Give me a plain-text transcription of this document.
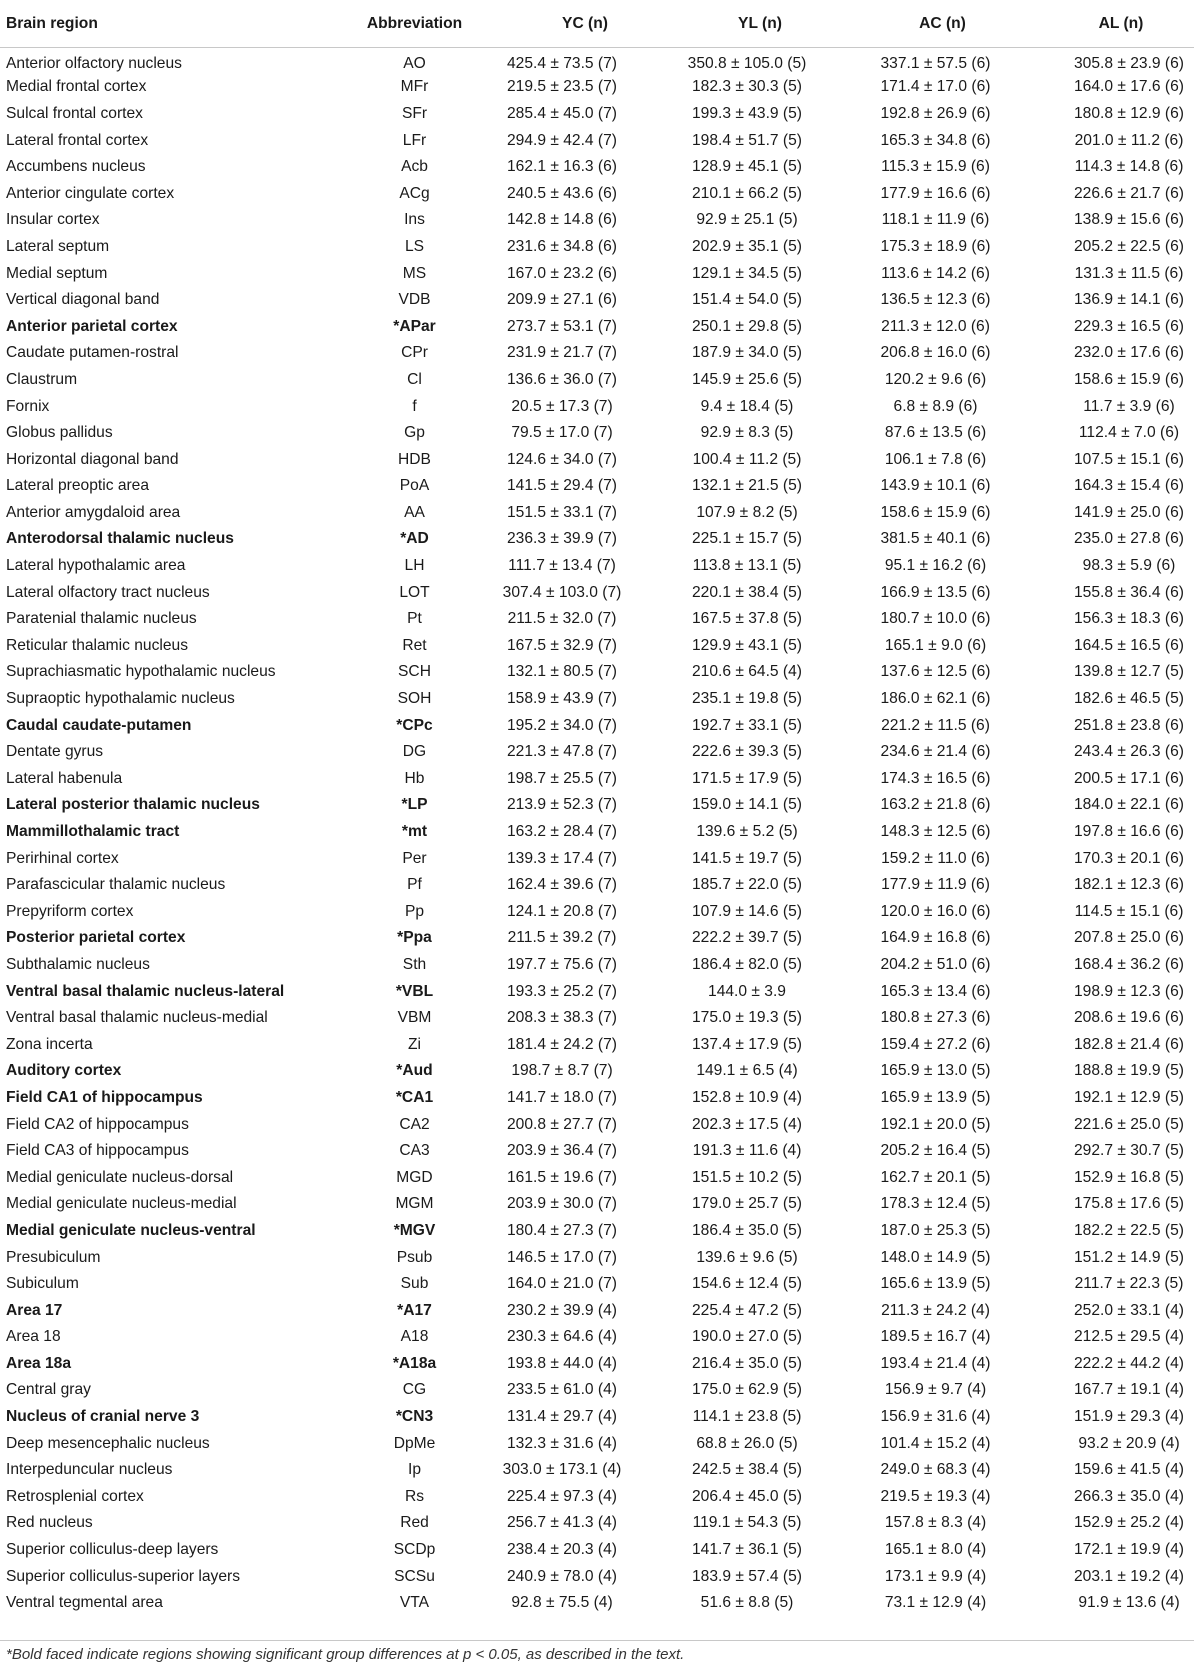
Brain region	Abbreviation	YC (n)	YL (n)	AC (n)	AL (n)
Anterior olfactory nucleus	AO	425.4 ± 73.5 (7)	350.8 ± 105.0 (5)	337.1 ± 57.5 (6)	305.8 ± 23.9 (6)
Medial frontal cortex	MFr	219.5 ± 23.5 (7)	182.3 ± 30.3 (5)	171.4 ± 17.0 (6)	164.0 ± 17.6 (6)
Sulcal frontal cortex	SFr	285.4 ± 45.0 (7)	199.3 ± 43.9 (5)	192.8 ± 26.9 (6)	180.8 ± 12.9 (6)
Lateral frontal cortex	LFr	294.9 ± 42.4 (7)	198.4 ± 51.7 (5)	165.3 ± 34.8 (6)	201.0 ± 11.2 (6)
Accumbens nucleus	Acb	162.1 ± 16.3 (6)	128.9 ± 45.1 (5)	115.3 ± 15.9 (6)	114.3 ± 14.8 (6)
Anterior cingulate cortex	ACg	240.5 ± 43.6 (6)	210.1 ± 66.2 (5)	177.9 ± 16.6 (6)	226.6 ± 21.7 (6)
Insular cortex	Ins	142.8 ± 14.8 (6)	92.9 ± 25.1 (5)	118.1 ± 11.9 (6)	138.9 ± 15.6 (6)
Lateral septum	LS	231.6 ± 34.8 (6)	202.9 ± 35.1 (5)	175.3 ± 18.9 (6)	205.2 ± 22.5 (6)
Medial septum	MS	167.0 ± 23.2 (6)	129.1 ± 34.5 (5)	113.6 ± 14.2 (6)	131.3 ± 11.5 (6)
Vertical diagonal band	VDB	209.9 ± 27.1 (6)	151.4 ± 54.0 (5)	136.5 ± 12.3 (6)	136.9 ± 14.1 (6)
Anterior parietal cortex	*APar	273.7 ± 53.1 (7)	250.1 ± 29.8 (5)	211.3 ± 12.0 (6)	229.3 ± 16.5 (6)
Caudate putamen-rostral	CPr	231.9 ± 21.7 (7)	187.9 ± 34.0 (5)	206.8 ± 16.0 (6)	232.0 ± 17.6 (6)
Claustrum	Cl	136.6 ± 36.0 (7)	145.9 ± 25.6 (5)	120.2 ± 9.6 (6)	158.6 ± 15.9 (6)
Fornix	f	20.5 ± 17.3 (7)	9.4 ± 18.4 (5)	6.8 ± 8.9 (6)	11.7 ± 3.9 (6)
Globus pallidus	Gp	79.5 ± 17.0 (7)	92.9 ± 8.3 (5)	87.6 ± 13.5 (6)	112.4 ± 7.0 (6)
Horizontal diagonal band	HDB	124.6 ± 34.0 (7)	100.4 ± 11.2 (5)	106.1 ± 7.8 (6)	107.5 ± 15.1 (6)
Lateral preoptic area	PoA	141.5 ± 29.4 (7)	132.1 ± 21.5 (5)	143.9 ± 10.1 (6)	164.3 ± 15.4 (6)
Anterior amygdaloid area	AA	151.5 ± 33.1 (7)	107.9 ± 8.2 (5)	158.6 ± 15.9 (6)	141.9 ± 25.0 (6)
Anterodorsal thalamic nucleus	*AD	236.3 ± 39.9 (7)	225.1 ± 15.7 (5)	381.5 ± 40.1 (6)	235.0 ± 27.8 (6)
Lateral hypothalamic area	LH	111.7 ± 13.4 (7)	113.8 ± 13.1 (5)	95.1 ± 16.2 (6)	98.3 ± 5.9 (6)
Lateral olfactory tract nucleus	LOT	307.4 ± 103.0 (7)	220.1 ± 38.4 (5)	166.9 ± 13.5 (6)	155.8 ± 36.4 (6)
Paratenial thalamic nucleus	Pt	211.5 ± 32.0 (7)	167.5 ± 37.8 (5)	180.7 ± 10.0 (6)	156.3 ± 18.3 (6)
Reticular thalamic nucleus	Ret	167.5 ± 32.9 (7)	129.9 ± 43.1 (5)	165.1 ± 9.0 (6)	164.5 ± 16.5 (6)
Suprachiasmatic hypothalamic nucleus	SCH	132.1 ± 80.5 (7)	210.6 ± 64.5 (4)	137.6 ± 12.5 (6)	139.8 ± 12.7 (5)
Supraoptic hypothalamic nucleus	SOH	158.9 ± 43.9 (7)	235.1 ± 19.8 (5)	186.0 ± 62.1 (6)	182.6 ± 46.5 (5)
Caudal caudate-putamen	*CPc	195.2 ± 34.0 (7)	192.7 ± 33.1 (5)	221.2 ± 11.5 (6)	251.8 ± 23.8 (6)
Dentate gyrus	DG	221.3 ± 47.8 (7)	222.6 ± 39.3 (5)	234.6 ± 21.4 (6)	243.4 ± 26.3 (6)
Lateral habenula	Hb	198.7 ± 25.5 (7)	171.5 ± 17.9 (5)	174.3 ± 16.5 (6)	200.5 ± 17.1 (6)
Lateral posterior thalamic nucleus	*LP	213.9 ± 52.3 (7)	159.0 ± 14.1 (5)	163.2 ± 21.8 (6)	184.0 ± 22.1 (6)
Mammillothalamic tract	*mt	163.2 ± 28.4 (7)	139.6 ± 5.2 (5)	148.3 ± 12.5 (6)	197.8 ± 16.6 (6)
Perirhinal cortex	Per	139.3 ± 17.4 (7)	141.5 ± 19.7 (5)	159.2 ± 11.0 (6)	170.3 ± 20.1 (6)
Parafascicular thalamic nucleus	Pf	162.4 ± 39.6 (7)	185.7 ± 22.0 (5)	177.9 ± 11.9 (6)	182.1 ± 12.3 (6)
Prepyriform cortex	Pp	124.1 ± 20.8 (7)	107.9 ± 14.6 (5)	120.0 ± 16.0 (6)	114.5 ± 15.1 (6)
Posterior parietal cortex	*Ppa	211.5 ± 39.2 (7)	222.2 ± 39.7 (5)	164.9 ± 16.8 (6)	207.8 ± 25.0 (6)
Subthalamic nucleus	Sth	197.7 ± 75.6 (7)	186.4 ± 82.0 (5)	204.2 ± 51.0 (6)	168.4 ± 36.2 (6)
Ventral basal thalamic nucleus-lateral	*VBL	193.3 ± 25.2 (7)	144.0 ± 3.9	165.3 ± 13.4 (6)	198.9 ± 12.3 (6)
Ventral basal thalamic nucleus-medial	VBM	208.3 ± 38.3 (7)	175.0 ± 19.3 (5)	180.8 ± 27.3 (6)	208.6 ± 19.6 (6)
Zona incerta	Zi	181.4 ± 24.2 (7)	137.4 ± 17.9 (5)	159.4 ± 27.2 (6)	182.8 ± 21.4 (6)
Auditory cortex	*Aud	198.7 ± 8.7 (7)	149.1 ± 6.5 (4)	165.9 ± 13.0 (5)	188.8 ± 19.9 (5)
Field CA1 of hippocampus	*CA1	141.7 ± 18.0 (7)	152.8 ± 10.9 (4)	165.9 ± 13.9 (5)	192.1 ± 12.9 (5)
Field CA2 of hippocampus	CA2	200.8 ± 27.7 (7)	202.3 ± 17.5 (4)	192.1 ± 20.0 (5)	221.6 ± 25.0 (5)
Field CA3 of hippocampus	CA3	203.9 ± 36.4 (7)	191.3 ± 11.6 (4)	205.2 ± 16.4 (5)	292.7 ± 30.7 (5)
Medial geniculate nucleus-dorsal	MGD	161.5 ± 19.6 (7)	151.5 ± 10.2 (5)	162.7 ± 20.1 (5)	152.9 ± 16.8 (5)
Medial geniculate nucleus-medial	MGM	203.9 ± 30.0 (7)	179.0 ± 25.7 (5)	178.3 ± 12.4 (5)	175.8 ± 17.6 (5)
Medial geniculate nucleus-ventral	*MGV	180.4 ± 27.3 (7)	186.4 ± 35.0 (5)	187.0 ± 25.3 (5)	182.2 ± 22.5 (5)
Presubiculum	Psub	146.5 ± 17.0 (7)	139.6 ± 9.6 (5)	148.0 ± 14.9 (5)	151.2 ± 14.9 (5)
Subiculum	Sub	164.0 ± 21.0 (7)	154.6 ± 12.4 (5)	165.6 ± 13.9 (5)	211.7 ± 22.3 (5)
Area 17	*A17	230.2 ± 39.9 (4)	225.4 ± 47.2 (5)	211.3 ± 24.2 (4)	252.0 ± 33.1 (4)
Area 18	A18	230.3 ± 64.6 (4)	190.0 ± 27.0 (5)	189.5 ± 16.7 (4)	212.5 ± 29.5 (4)
Area 18a	*A18a	193.8 ± 44.0 (4)	216.4 ± 35.0 (5)	193.4 ± 21.4 (4)	222.2 ± 44.2 (4)
Central gray	CG	233.5 ± 61.0 (4)	175.0 ± 62.9 (5)	156.9 ± 9.7 (4)	167.7 ± 19.1 (4)
Nucleus of cranial nerve 3	*CN3	131.4 ± 29.7 (4)	114.1 ± 23.8 (5)	156.9 ± 31.6 (4)	151.9 ± 29.3 (4)
Deep mesencephalic nucleus	DpMe	132.3 ± 31.6 (4)	68.8 ± 26.0 (5)	101.4 ± 15.2 (4)	93.2 ± 20.9 (4)
Interpeduncular nucleus	Ip	303.0 ± 173.1 (4)	242.5 ± 38.4 (5)	249.0 ± 68.3 (4)	159.6 ± 41.5 (4)
Retrosplenial cortex	Rs	225.4 ± 97.3 (4)	206.4 ± 45.0 (5)	219.5 ± 19.3 (4)	266.3 ± 35.0 (4)
Red nucleus	Red	256.7 ± 41.3 (4)	119.1 ± 54.3 (5)	157.8 ± 8.3 (4)	152.9 ± 25.2 (4)
Superior colliculus-deep layers	SCDp	238.4 ± 20.3 (4)	141.7 ± 36.1 (5)	165.1 ± 8.0 (4)	172.1 ± 19.9 (4)
Superior colliculus-superior layers	SCSu	240.9 ± 78.0 (4)	183.9 ± 57.4 (5)	173.1 ± 9.9 (4)	203.1 ± 19.2 (4)
Ventral tegmental area	VTA	92.8 ± 75.5 (4)	51.6 ± 8.8 (5)	73.1 ± 12.9 (4)	91.9 ± 13.6 (4)
*Bold faced indicate regions showing significant group differences at p < 0.05, as described in the text.
